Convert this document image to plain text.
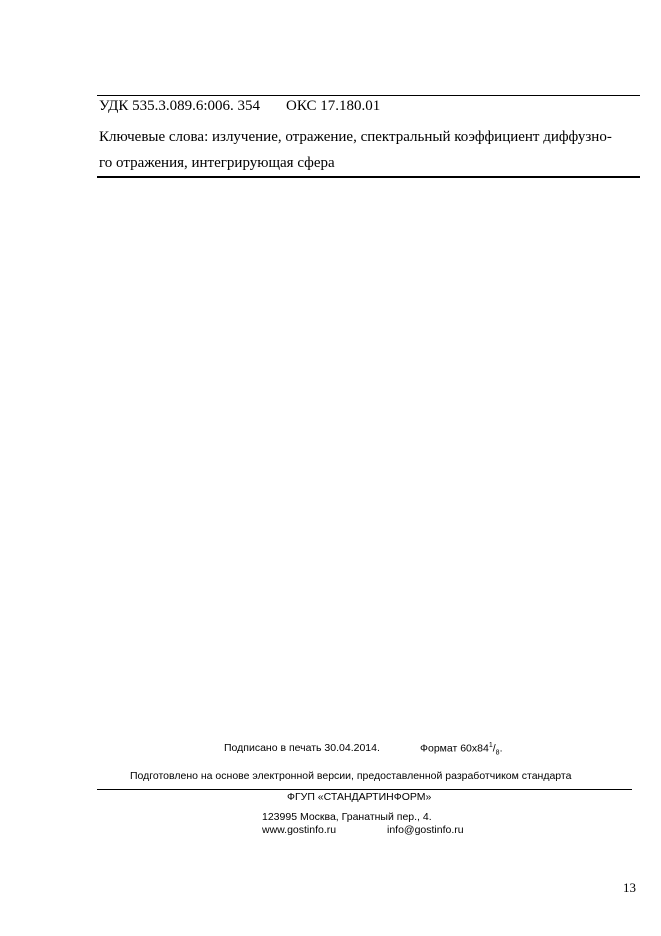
УДК 535.3.089.6:006. 354 ОКС 17.180.01
Ключевые слова: излучение, отражение, спектральный коэффициент диффузно-
го отражения, интегрирующая сфера
Подписано в печать 30.04.2014.	Формат $60x84^1/_8$.
Подготовлено на основе электронной версии, предоставленной разработчиком стандарта
ФГУП «СТАНДАРТИНФОРМ»
123995 Москва, Гранатный пер., 4.
www.gostinfo.ru	info@gostinfo.ru
13
